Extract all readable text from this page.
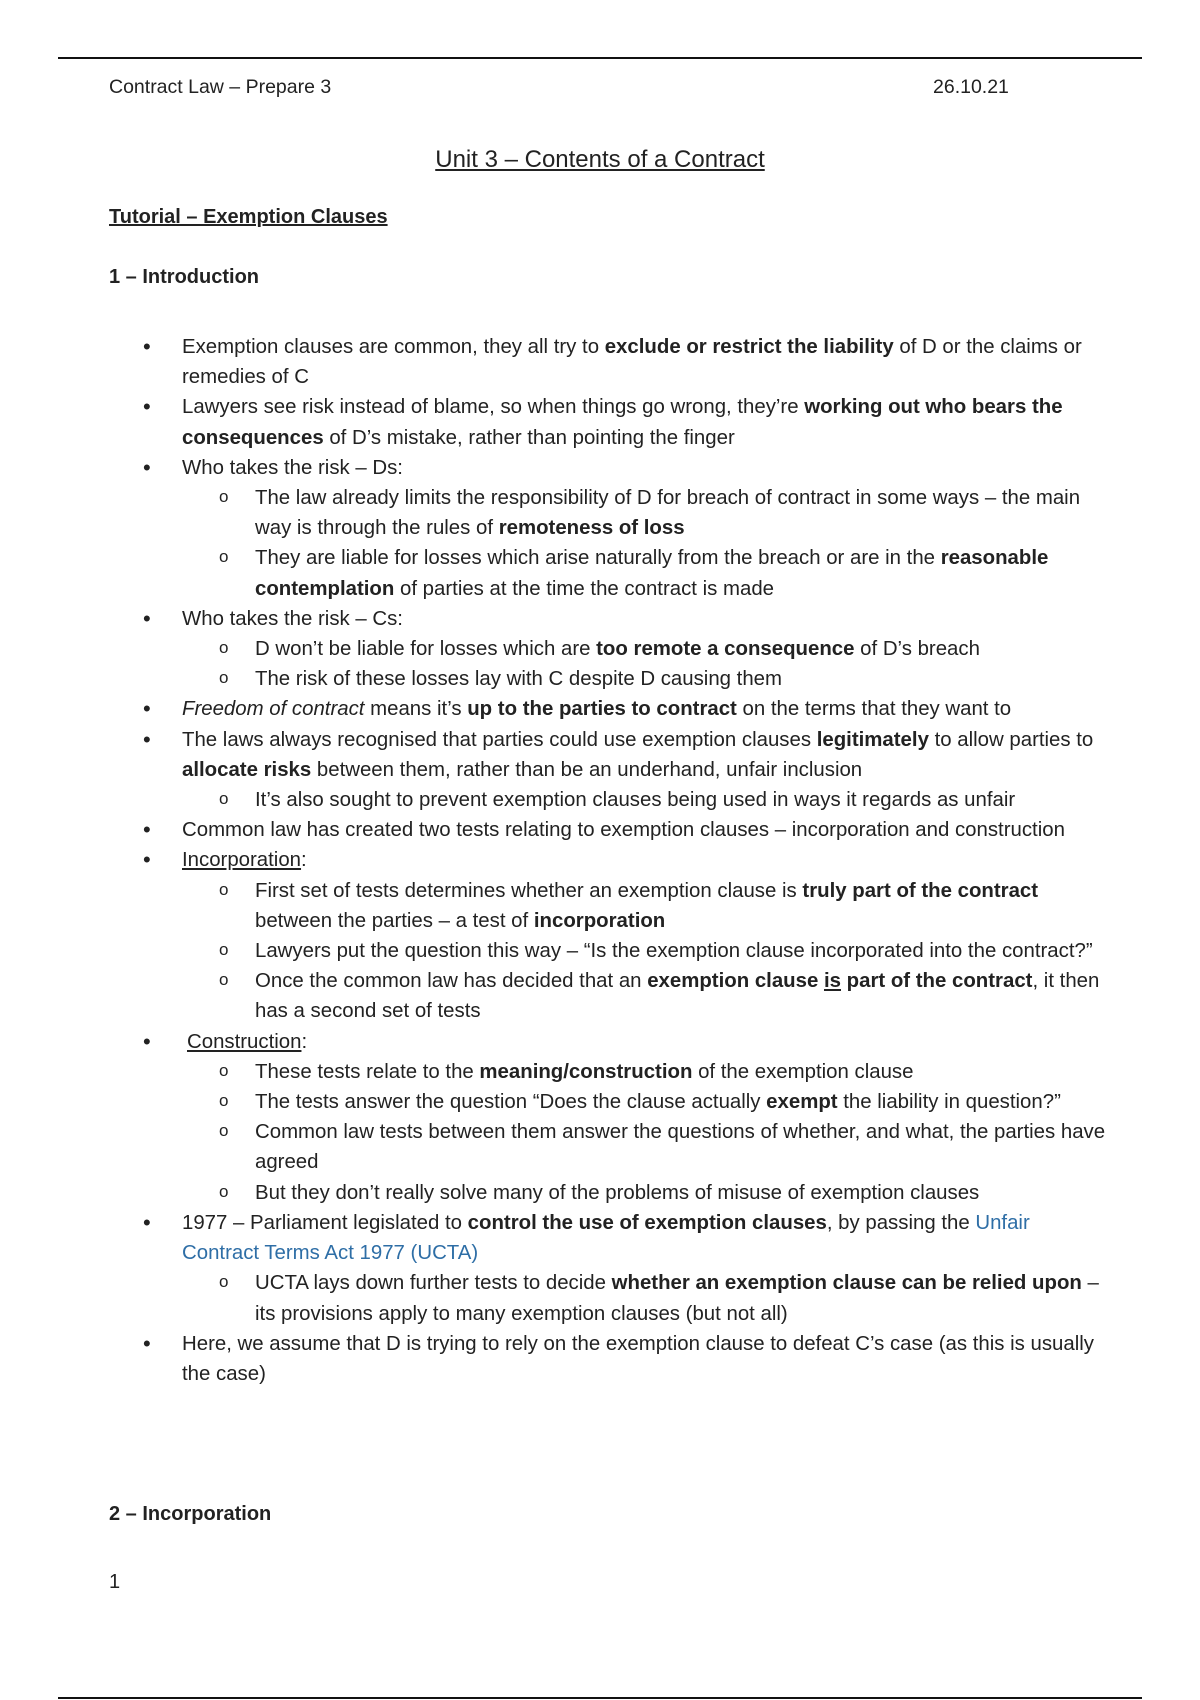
Contract Law – Prepare 3	26.10.21
Unit 3 – Contents of a Contract
Tutorial – Exemption Clauses
1 – Introduction

• Exemption clauses are common, they all try to exclude or restrict the liability of D or the claims or remedies of C

• Lawyers see risk instead of blame, so when things go wrong, they’re working out who bears the consequences of D’s mistake, rather than pointing the finger

• Who takes the risk – Ds:

o The law already limits the responsibility of D for breach of contract in some ways – the main way is through the rules of remoteness of loss

o They are liable for losses which arise naturally from the breach or are in the reasonable contemplation of parties at the time the contract is made

• Who takes the risk – Cs:

o D won’t be liable for losses which are too remote a consequence of D’s breach

o The risk of these losses lay with C despite D causing them

• Freedom of contract means it’s up to the parties to contract on the terms that they want to

• The laws always recognised that parties could use exemption clauses legitimately to allow parties to allocate risks between them, rather than be an underhand, unfair inclusion

o It’s also sought to prevent exemption clauses being used in ways it regards as unfair

• Common law has created two tests relating to exemption clauses – incorporation and construction

• Incorporation:

o First set of tests determines whether an exemption clause is truly part of the contract between the parties – a test of incorporation

o Lawyers put the question this way – “Is the exemption clause incorporated into the contract?”

o Once the common law has decided that an exemption clause is part of the contract, it then has a second set of tests

• Construction:

o These tests relate to the meaning/construction of the exemption clause

o The tests answer the question “Does the clause actually exempt the liability in question?”

o Common law tests between them answer the questions of whether, and what, the parties have agreed

o But they don’t really solve many of the problems of misuse of exemption clauses

• 1977 – Parliament legislated to control the use of exemption clauses, by passing the Unfair Contract Terms Act 1977 (UCTA)

o UCTA lays down further tests to decide whether an exemption clause can be relied upon – its provisions apply to many exemption clauses (but not all)

• Here, we assume that D is trying to rely on the exemption clause to defeat C’s case (as this is usually the case)

2 – Incorporation
1
